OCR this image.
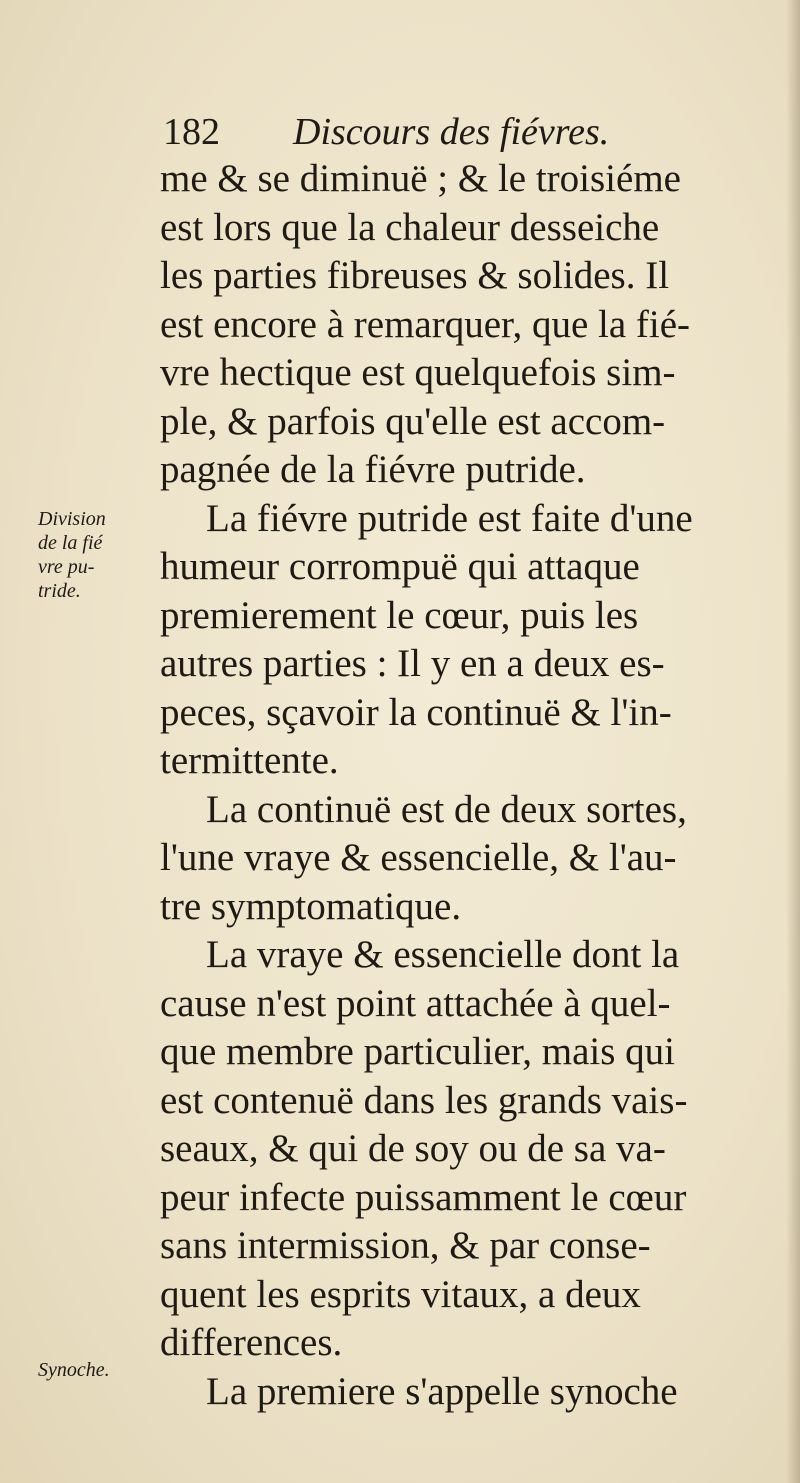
182 Discours des fiévres.
Division
de la fié
vre pu-
tride.
Synoche.
me & se diminuë ; & le troisiéme
est lors que la chaleur desseiche
les parties fibreuses & solides. Il
est encore à remarquer, que la fié-
vre hectique est quelquefois sim-
ple, & parfois qu'elle est accom-
pagnée de la fiévre putride.
La fiévre putride est faite d'une
humeur corrompuë qui attaque
premierement le cœur, puis les
autres parties : Il y en a deux es-
peces, sçavoir la continuë & l'in-
termittente.
La continuë est de deux sortes,
l'une vraye & essencielle, & l'au-
tre symptomatique.
La vraye & essencielle dont la
cause n'est point attachée à quel-
que membre particulier, mais qui
est contenuë dans les grands vais-
seaux, & qui de soy ou de sa va-
peur infecte puissamment le cœur
sans intermission, & par conse-
quent les esprits vitaux, a deux
differences.
La premiere s'appelle synoche
